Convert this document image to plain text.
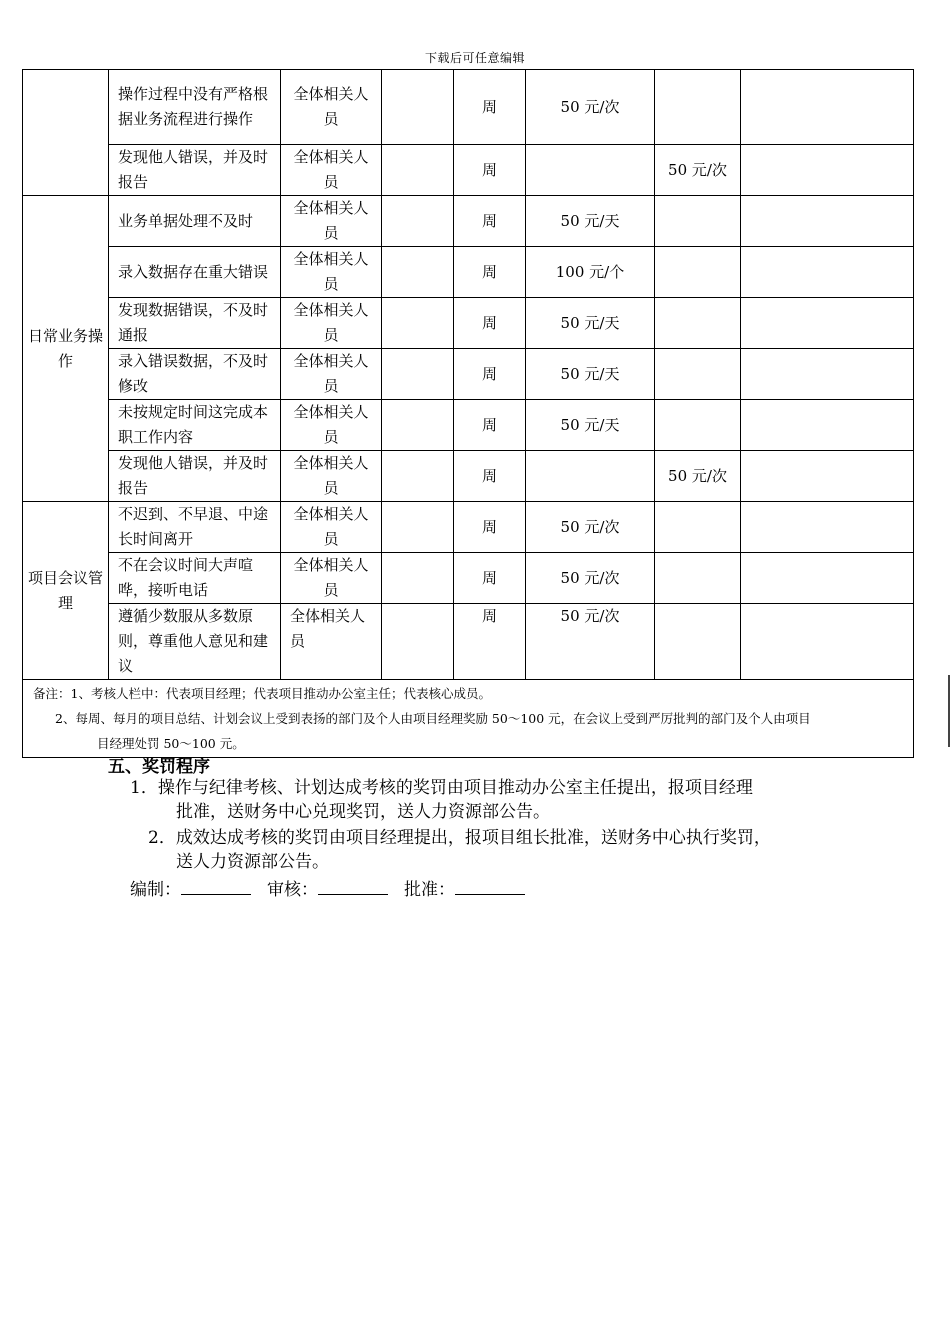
下载后可任意编辑
	操作过程中没有严格根据业务流程进行操作	全体相关人员		周	50 元/次		
	发现他人错误，并及时报告	全体相关人员		周		50 元/次	
日常业务操作	业务单据处理不及时	全体相关人员		周	50 元/天		
	录入数据存在重大错误	全体相关人员		周	100 元/个		
	发现数据错误，不及时通报	全体相关人员		周	50 元/天		
	录入错误数据，不及时修改	全体相关人员		周	50 元/天		
	未按规定时间这完成本职工作内容	全体相关人员		周	50 元/天		
	发现他人错误，并及时报告	全体相关人员		周		50 元/次	
项目会议管理	不迟到、不早退、中途长时间离开	全体相关人员		周	50 元/次		
	不在会议时间大声喧哗，接听电话	全体相关人员		周	50 元/次		
	遵循少数服从多数原则，尊重他人意见和建议	全体相关人员		周	50 元/次		

备注：1、考核人栏中：代表项目经理；代表项目推动办公室主任；代表核心成员。
2、每周、每月的项目总结、计划会议上受到表扬的部门及个人由项目经理奖励 50～100 元，在会议上受到严厉批判的部门及个人由项目
目经理处罚 50～100 元。							
五、奖罚程序
1．操作与纪律考核、计划达成考核的奖罚由项目推动办公室主任提出，报项目经理
批准，送财务中心兑现奖罚，送人力资源部公告。
2．成效达成考核的奖罚由项目经理提出，报项目组长批准，送财务中心执行奖罚，
送人力资源部公告。
编制：	审核：	批准：
